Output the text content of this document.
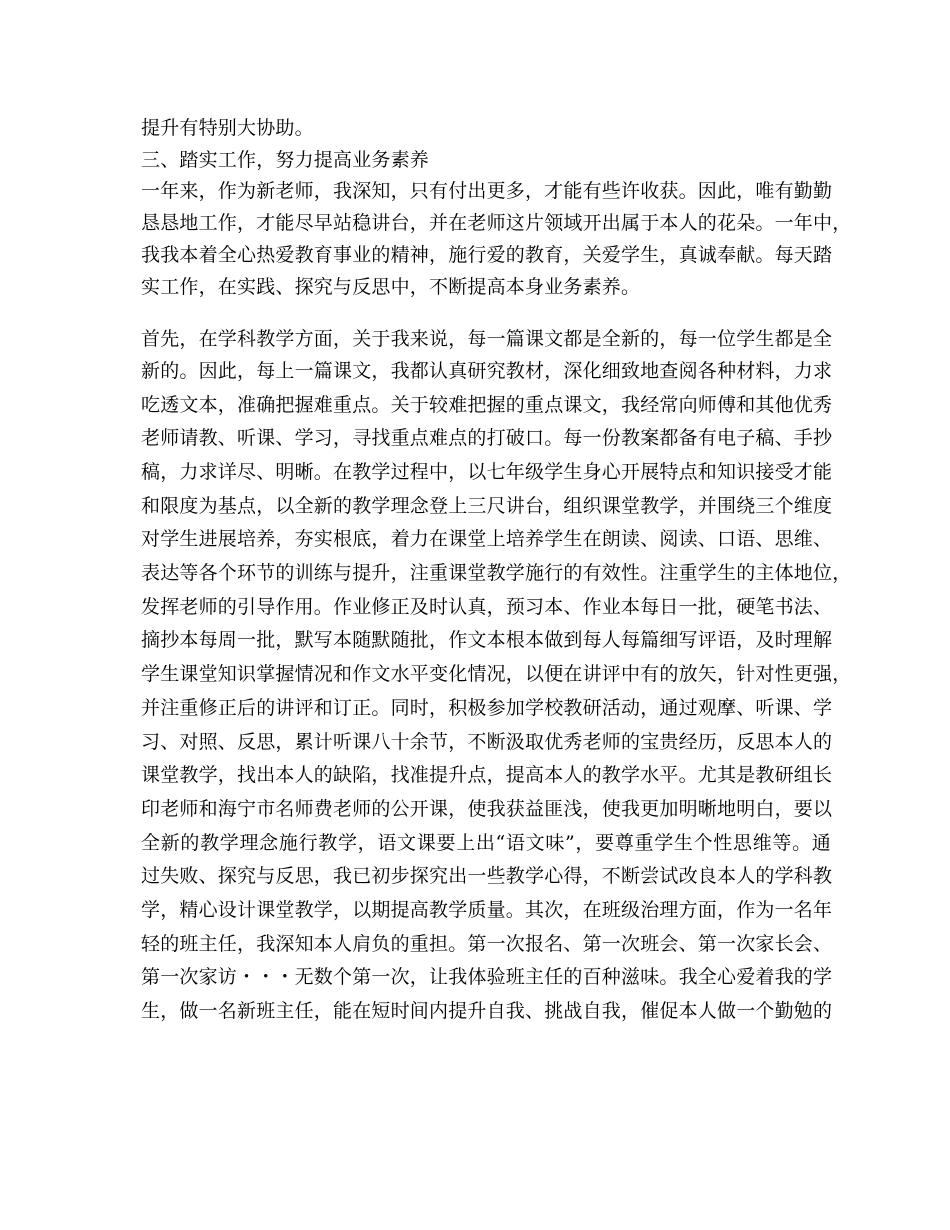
提升有特别大协助。
三、踏实工作，努力提高业务素养
一年来，作为新老师，我深知，只有付出更多，才能有些许收获。因此，唯有勤勤
恳恳地工作，才能尽早站稳讲台，并在老师这片领域开出属于本人的花朵。一年中，
我我本着全心热爱教育事业的精神，施行爱的教育，关爱学生，真诚奉献。每天踏
实工作，在实践、探究与反思中，不断提高本身业务素养。
首先，在学科教学方面，关于我来说，每一篇课文都是全新的，每一位学生都是全
新的。因此，每上一篇课文，我都认真研究教材，深化细致地查阅各种材料，力求
吃透文本，准确把握难重点。关于较难把握的重点课文，我经常向师傅和其他优秀
老师请教、听课、学习，寻找重点难点的打破口。每一份教案都备有电子稿、手抄
稿，力求详尽、明晰。在教学过程中，以七年级学生身心开展特点和知识接受才能
和限度为基点，以全新的教学理念登上三尺讲台，组织课堂教学，并围绕三个维度
对学生进展培养，夯实根底，着力在课堂上培养学生在朗读、阅读、口语、思维、
表达等各个环节的训练与提升，注重课堂教学施行的有效性。注重学生的主体地位，
发挥老师的引导作用。作业修正及时认真，预习本、作业本每日一批，硬笔书法、
摘抄本每周一批，默写本随默随批，作文本根本做到每人每篇细写评语，及时理解
学生课堂知识掌握情况和作文水平变化情况，以便在讲评中有的放矢，针对性更强，
并注重修正后的讲评和订正。同时，积极参加学校教研活动，通过观摩、听课、学
习、对照、反思，累计听课八十余节，不断汲取优秀老师的宝贵经历，反思本人的
课堂教学，找出本人的缺陷，找准提升点，提高本人的教学水平。尤其是教研组长
印老师和海宁市名师费老师的公开课，使我获益匪浅，使我更加明晰地明白，要以
全新的教学理念施行教学，语文课要上出“语文味”，要尊重学生个性思维等。通
过失败、探究与反思，我已初步探究出一些教学心得，不断尝试改良本人的学科教
学，精心设计课堂教学，以期提高教学质量。其次，在班级治理方面，作为一名年
轻的班主任，我深知本人肩负的重担。第一次报名、第一次班会、第一次家长会、
第一次家访・・・无数个第一次，让我体验班主任的百种滋味。我全心爱着我的学
生，做一名新班主任，能在短时间内提升自我、挑战自我，催促本人做一个勤勉的
